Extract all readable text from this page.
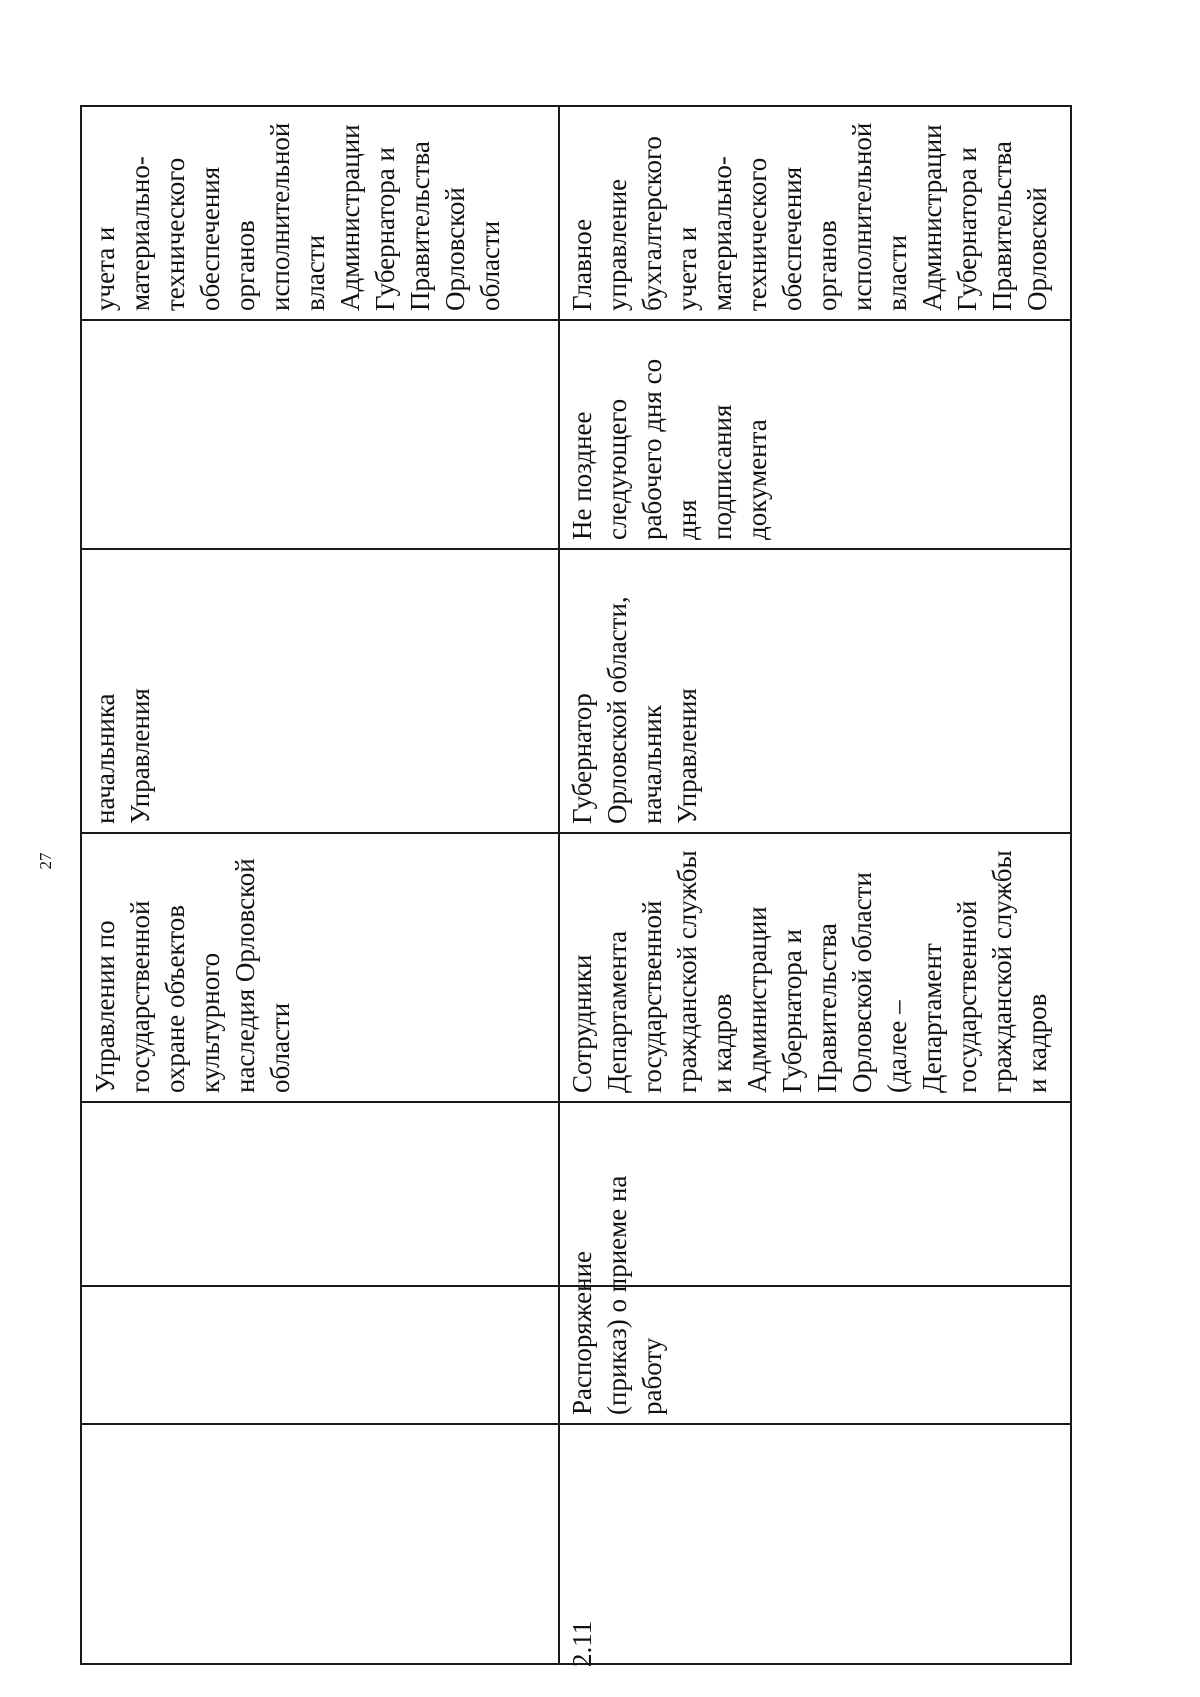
27
Управлении по
государственной
охране объектов
культурного
наследия Орловской
области
начальника
Управления
учета и
материально-
технического
обеспечения
органов
исполнительной
власти
Администрации
Губернатора и
Правительства
Орловской
области
2.11
Распоряжение
(приказ) о приеме на
работу
Сотрудники
Департамента
государственной
гражданской службы
и кадров
Администрации
Губернатора и
Правительства
Орловской области
(далее –
Департамент
государственной
гражданской службы
и кадров
Губернатор
Орловской области,
начальник
Управления
Не позднее
следующего
рабочего дня со дня
подписания
документа
Главное
управление
бухгалтерского
учета и
материально-
технического
обеспечения
органов
исполнительной
власти
Администрации
Губернатора и
Правительства
Орловской
